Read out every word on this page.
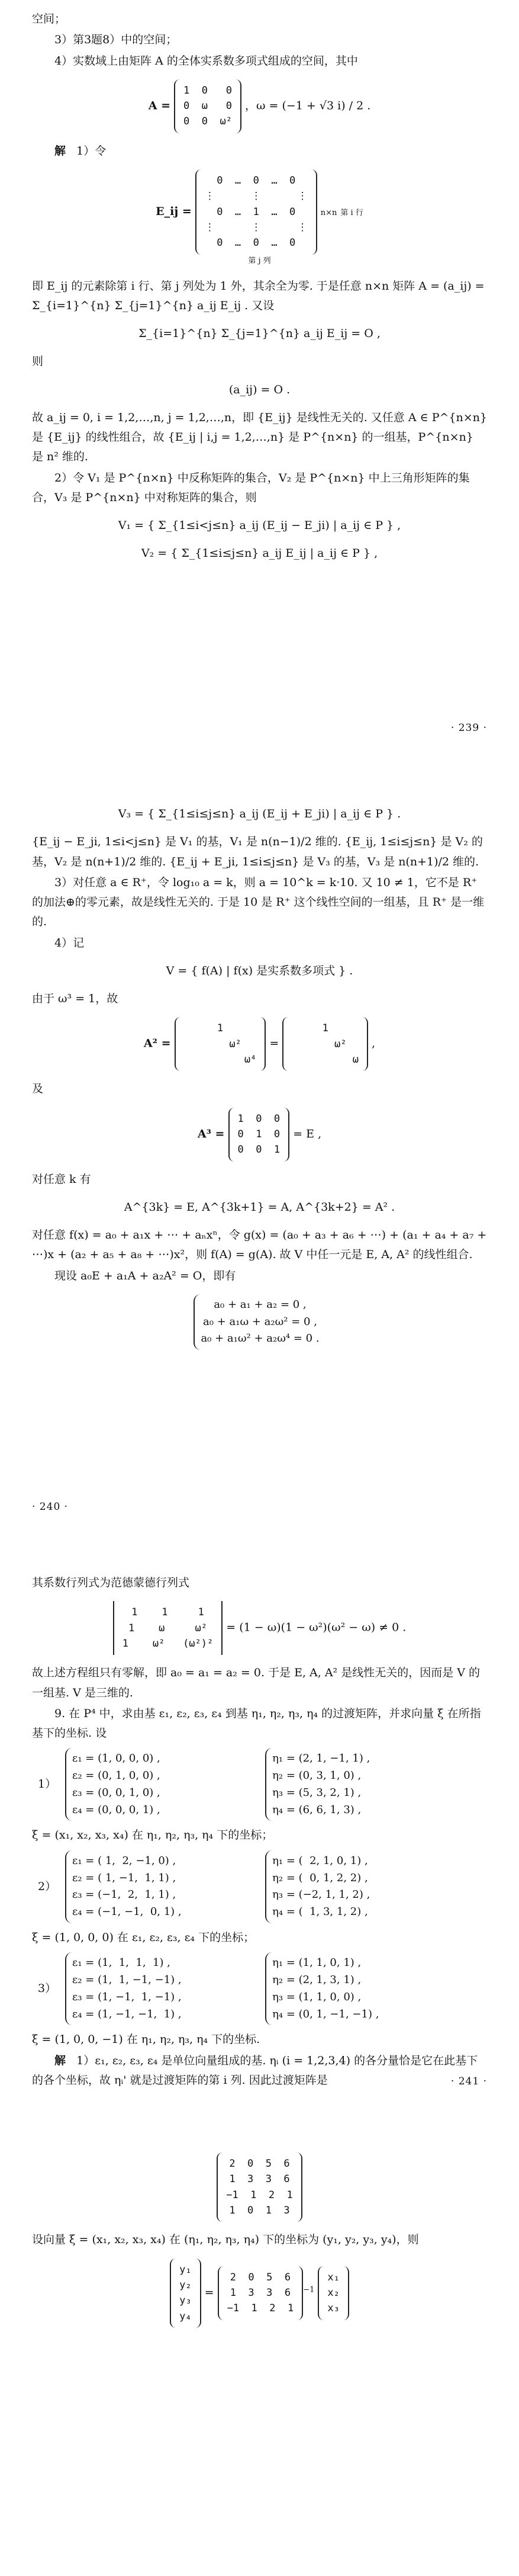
空间；
3）第3题8）中的空间；
4）实数域上由矩阵 A 的全体实系数多项式组成的空间，其中
A = 1  0   0
0  ω   0
0  0  ω² ，ω = (−1 + √3 i) / 2 .
解 1）令
E_ij = 0  …  0  …  0
⋮      ⋮      ⋮
0  …  1  …  0
⋮      ⋮      ⋮
0  …  0  …  0 n×n 第 i 行
第 j 列
即 E_ij 的元素除第 i 行、第 j 列处为 1 外，其余全为零. 于是任意 n×n 矩阵 A = (a_ij) = Σ_{i=1}^{n} Σ_{j=1}^{n} a_ij E_ij . 又设
Σ_{i=1}^{n} Σ_{j=1}^{n} a_ij E_ij = O ,
则
(a_ij) = O .
故 a_ij = 0, i = 1,2,…,n, j = 1,2,…,n，即 {E_ij} 是线性无关的. 又任意 A ∈ P^{n×n} 是 {E_ij} 的线性组合，故 {E_ij | i,j = 1,2,…,n} 是 P^{n×n} 的一组基，P^{n×n} 是 n² 维的.
2）令 V₁ 是 P^{n×n} 中反称矩阵的集合，V₂ 是 P^{n×n} 中上三角形矩阵的集合，V₃ 是 P^{n×n} 中对称矩阵的集合，则
V₁ = { Σ_{1≤i<j≤n} a_ij (E_ij − E_ji) | a_ij ∈ P } ,
V₂ = { Σ_{1≤i≤j≤n} a_ij E_ij | a_ij ∈ P } ,
· 239 ·
V₃ = { Σ_{1≤i≤j≤n} a_ij (E_ij + E_ji) | a_ij ∈ P } .
{E_ij − E_ji, 1≤i<j≤n} 是 V₁ 的基，V₁ 是 n(n−1)/2 维的. {E_ij, 1≤i≤j≤n} 是 V₂ 的基，V₂ 是 n(n+1)/2 维的. {E_ij + E_ji, 1≤i≤j≤n} 是 V₃ 的基，V₃ 是 n(n+1)/2 维的.
3）对任意 a ∈ R⁺，令 log₁₀ a = k，则 a = 10^k = k·10. 又 10 ≠ 1，它不是 R⁺ 的加法⊕的零元素，故是线性无关的. 于是 10 是 R⁺ 这个线性空间的一组基，且 R⁺ 是一维的.
4）记
V = { f(A) | f(x) 是实系数多项式 } .
由于 ω³ = 1，故
A² = 1
ω²
ω⁴ = 1
ω²
ω ,
及
A³ = 1  0  0
0  1  0
0  0  1 = E ,
对任意 k 有
A^{3k} = E, A^{3k+1} = A, A^{3k+2} = A² .
对任意 f(x) = a₀ + a₁x + ⋯ + aₙxⁿ，令 g(x) = (a₀ + a₃ + a₆ + ⋯) + (a₁ + a₄ + a₇ + ⋯)x + (a₂ + a₅ + a₈ + ⋯)x²，则 f(A) = g(A). 故 V 中任一元是 E, A, A² 的线性组合.
现设 a₀E + a₁A + a₂A² = O，即有
a₀ + a₁ + a₂ = 0 ,
a₀ + a₁ω + a₂ω² = 0 ,
a₀ + a₁ω² + a₂ω⁴ = 0 .
· 240 ·
其系数行列式为范德蒙德行列式
1    1     1
1    ω     ω²
1    ω²   (ω²)² = (1 − ω)(1 − ω²)(ω² − ω) ≠ 0 .
故上述方程组只有零解，即 a₀ = a₁ = a₂ = 0. 于是 E, A, A² 是线性无关的，因而是 V 的一组基. V 是三维的.
9. 在 P⁴ 中，求由基 ε₁, ε₂, ε₃, ε₄ 到基 η₁, η₂, η₃, η₄ 的过渡矩阵，并求向量 ξ 在所指基下的坐标. 设
1） ε₁ = (1, 0, 0, 0) ,
ε₂ = (0, 1, 0, 0) ,
ε₃ = (0, 0, 1, 0) ,
ε₄ = (0, 0, 0, 1) , η₁ = (2, 1, −1, 1) ,
η₂ = (0, 3, 1, 0) ,
η₃ = (5, 3, 2, 1) ,
η₄ = (6, 6, 1, 3) ,
ξ = (x₁, x₂, x₃, x₄) 在 η₁, η₂, η₃, η₄ 下的坐标；
2） ε₁ = ( 1,  2, −1, 0) ,
ε₂ = ( 1, −1,  1, 1) ,
ε₃ = (−1,  2,  1, 1) ,
ε₄ = (−1, −1,  0, 1) , η₁ = (  2, 1, 0, 1) ,
η₂ = (  0, 1, 2, 2) ,
η₃ = (−2, 1, 1, 2) ,
η₄ = (  1, 3, 1, 2) ,
ξ = (1, 0, 0, 0) 在 ε₁, ε₂, ε₃, ε₄ 下的坐标；
3） ε₁ = (1,  1,  1,  1) ,
ε₂ = (1,  1, −1, −1) ,
ε₃ = (1, −1,  1, −1) ,
ε₄ = (1, −1, −1,  1) , η₁ = (1, 1, 0, 1) ,
η₂ = (2, 1, 3, 1) ,
η₃ = (1, 1, 0, 0) ,
η₄ = (0, 1, −1, −1) ,
ξ = (1, 0, 0, −1) 在 η₁, η₂, η₃, η₄ 下的坐标.
解 1）ε₁, ε₂, ε₃, ε₄ 是单位向量组成的基. ηᵢ (i = 1,2,3,4) 的各分量恰是它在此基下的各个坐标，故 ηᵢ' 就是过渡矩阵的第 i 列. 因此过渡矩阵是	· 241 ·
2  0  5  6
1  3  3  6
−1  1  2  1
1  0  1  3
设向量 ξ = (x₁, x₂, x₃, x₄) 在 (η₁, η₂, η₃, η₄) 下的坐标为 (y₁, y₂, y₃, y₄)，则
y₁
y₂
y₃
y₄ = 2  0  5  6
1  3  3  6
−1  1  2  $1^{-1}$ x₁
x₂
x₃
